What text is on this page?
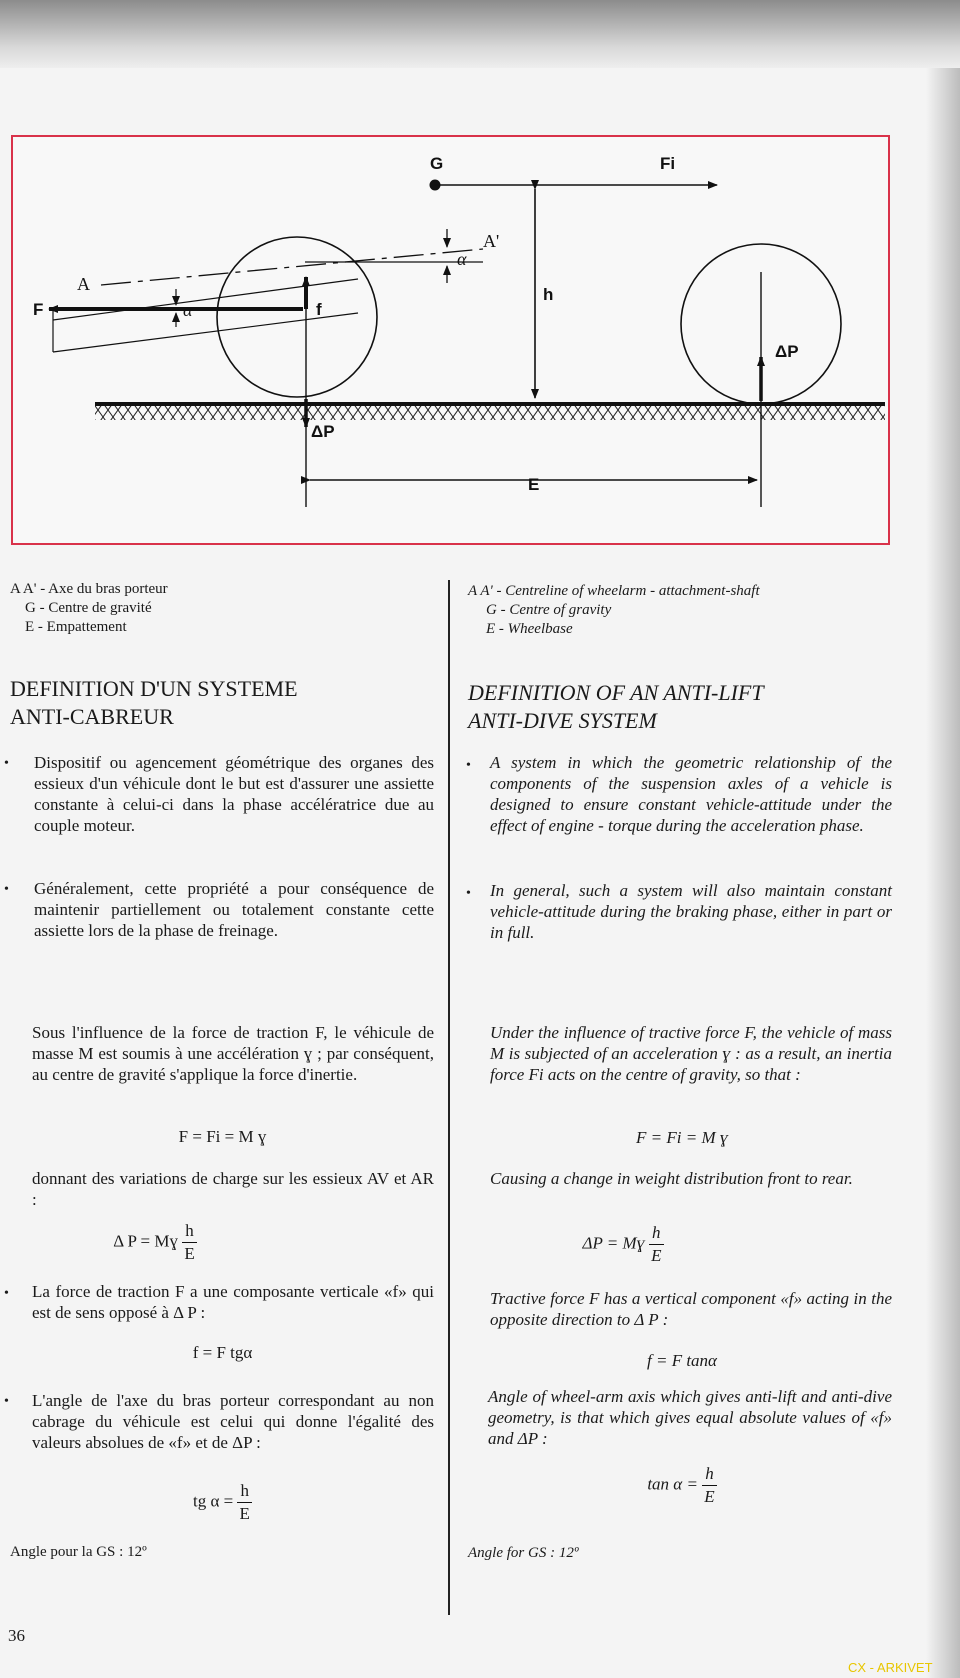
G	Fi
A
A'
α
α
F	f
h
ΔP
ΔP
E
A A' - Axe du bras porteur
G - Centre de gravité
E - Empattement
A A' - Centreline of wheelarm - attachment-shaft
G - Centre of gravity
E - Wheelbase
DEFINITION D'UN SYSTEME
ANTI-CABREUR
• Dispositif ou agencement géométrique des organes des essieux d'un véhicule dont le but est d'assurer une assiette constante à celui-ci dans la phase accélératrice due au couple moteur.

• Généralement, cette propriété a pour conséquence de maintenir partiellement ou totalement constante cette assiette lors de la phase de freinage.

Sous l'influence de la force de traction F, le véhicule de masse M est soumis à une accélération ɣ ; par conséquent, au centre de gravité s'applique la force d'inertie.

F = Fi = M ɣ

donnant des variations de charge sur les essieux AV et AR :

Δ P = Mɣ $\frac{h}{E}$
• La force de traction F a une composante verticale «f» qui est de sens opposé à Δ P :

f = F tgα
• L'angle de l'axe du bras porteur correspondant au non cabrage du véhicule est celui qui donne l'égalité des valeurs absolues de «f» et de ΔP :

tg $\alpha = \frac{h}{E}$
Angle pour la GS : 12º
DEFINITION OF AN ANTI-LIFT
ANTI-DIVE SYSTEM
• A system in which the geometric relationship of the components of the suspension axles of a vehicle is designed to ensure constant vehicle-attitude under the effect of engine - torque during the acceleration phase.

• In general, such a system will also maintain constant vehicle-attitude during the braking phase, either in part or in full.

Under the influence of tractive force F, the vehicle of mass M is subjected of an acceleration ɣ : as a result, an inertia force Fi acts on the centre of gravity, so that :

F = Fi = M ɣ

Causing a change in weight distribution front to rear.

ΔP = Mɣ $\frac{h}{E}$

Tractive force F has a vertical component «f» acting in the opposite direction to Δ P :

f = F tanα

Angle of wheel-arm axis which gives anti-lift and anti-dive geometry, is that which gives equal absolute values of «f» and ΔP :

$\tan \alpha = \frac{h}{E}$
Angle for GS : 12º
36
CX - ARKIVET
